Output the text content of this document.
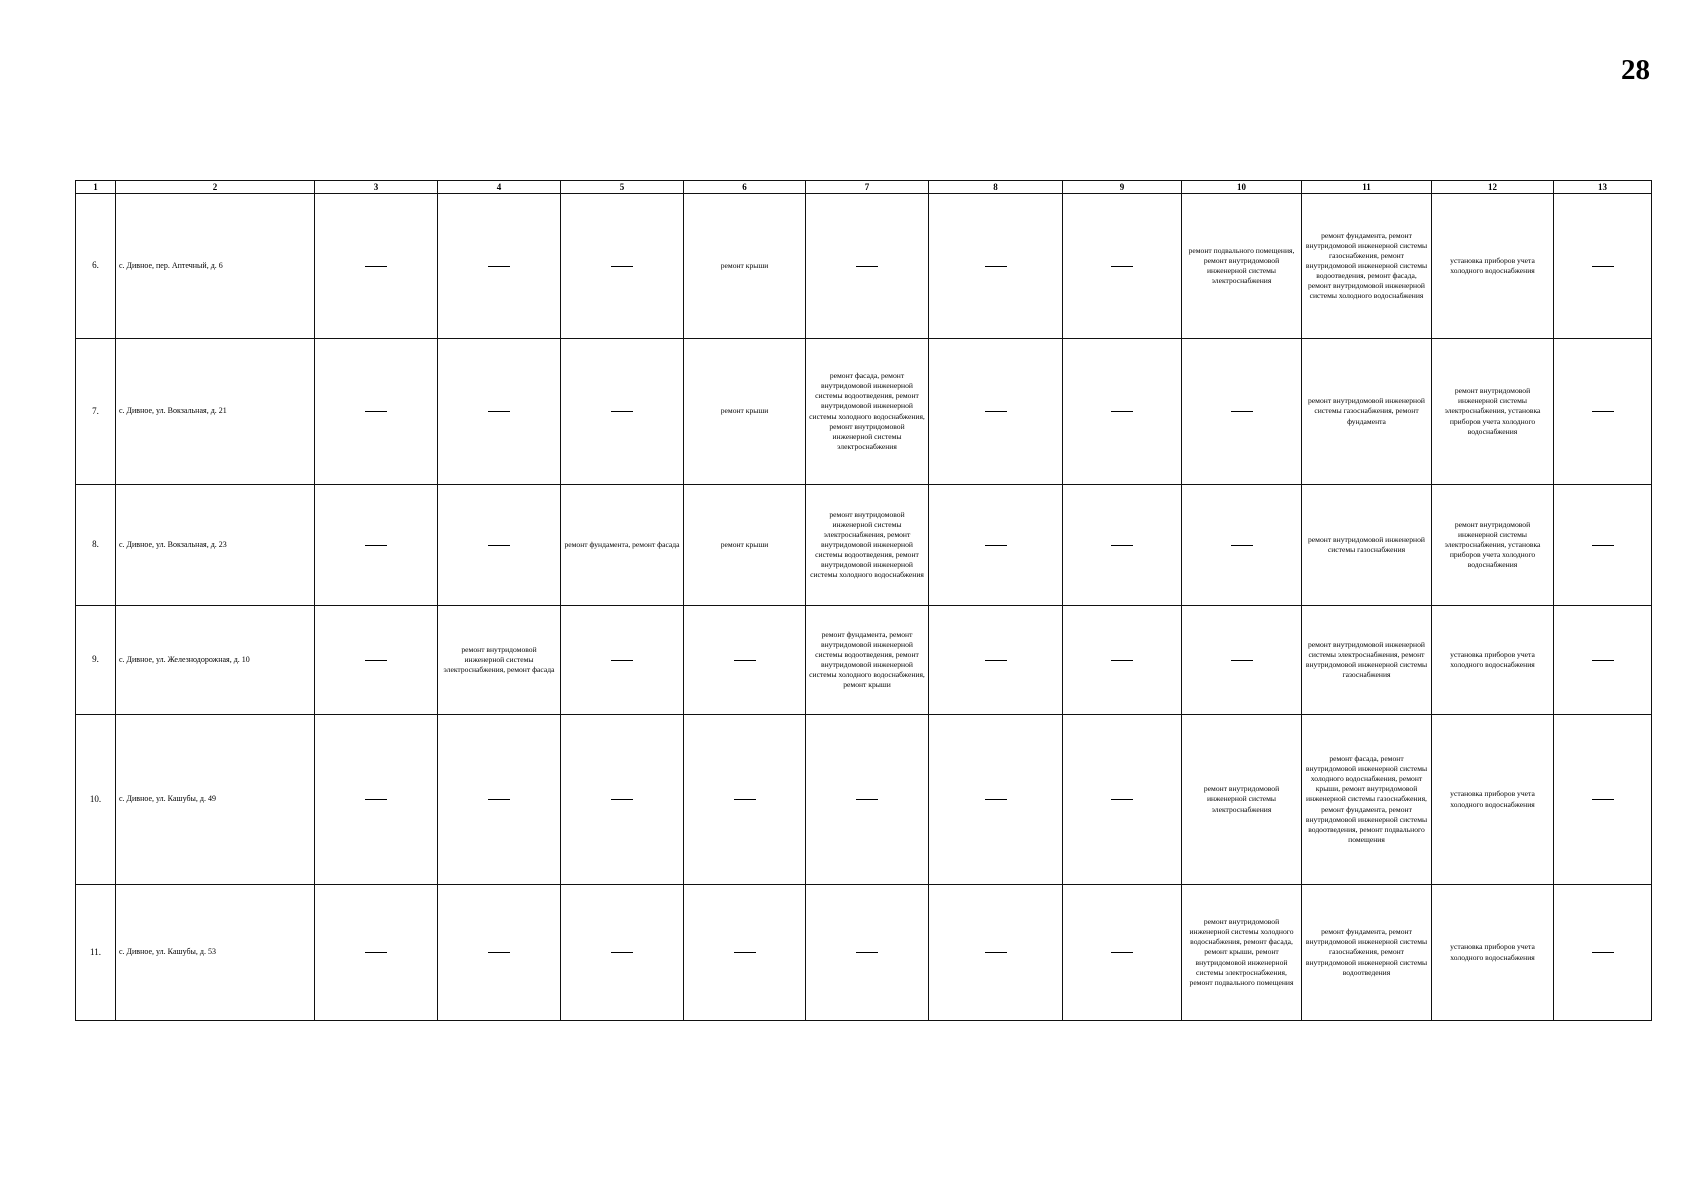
28
1	2	3	4	5	6	7	8	9	10	11	12	13
6.	с. Дивное, пер. Аптечный, д. 6				ремонт крыши				ремонт подвального помещения, ремонт внутридомовой инженерной системы электроснабжения	ремонт фундамента, ремонт внутридомовой инженерной системы газоснабжения, ремонт внутридомовой инженерной системы водоотведения, ремонт фасада, ремонт внутридомовой инженерной системы холодного водоснабжения	установка приборов учета холодного водоснабжения	
7.	с. Дивное, ул. Вокзальная, д. 21				ремонт крыши	ремонт фасада, ремонт внутридомовой инженерной системы водоотведения, ремонт внутридомовой инженерной системы холодного водоснабжения, ремонт внутридомовой инженерной системы электроснабжения				ремонт внутридомовой инженерной системы газоснабжения, ремонт фундамента	ремонт внутридомовой инженерной системы электроснабжения, установка приборов учета холодного водоснабжения	
8.	с. Дивное, ул. Вокзальная, д. 23			ремонт фундамента, ремонт фасада	ремонт крыши	ремонт внутридомовой инженерной системы электроснабжения, ремонт внутридомовой инженерной системы водоотведения, ремонт внутридомовой инженерной системы холодного водоснабжения				ремонт внутридомовой инженерной системы газоснабжения	ремонт внутридомовой инженерной системы электроснабжения, установка приборов учета холодного водоснабжения	
9.	с. Дивное, ул. Железнодорожная, д. 10		ремонт внутридомовой инженерной системы электроснабжения, ремонт фасада			ремонт фундамента, ремонт внутридомовой инженерной системы водоотведения, ремонт внутридомовой инженерной системы холодного водоснабжения, ремонт крыши				ремонт внутридомовой инженерной системы электроснабжения, ремонт внутридомовой инженерной системы газоснабжения	установка приборов учета холодного водоснабжения	
10.	с. Дивное, ул. Кашубы, д. 49								ремонт внутридомовой инженерной системы электроснабжения	ремонт фасада, ремонт внутридомовой инженерной системы холодного водоснабжения, ремонт крыши, ремонт внутридомовой инженерной системы газоснабжения, ремонт фундамента, ремонт внутридомовой инженерной системы водоотведения, ремонт подвального помещения	установка приборов учета холодного водоснабжения	
11.	с. Дивное, ул. Кашубы, д. 53								ремонт внутридомовой инженерной системы холодного водоснабжения, ремонт фасада, ремонт крыши, ремонт внутридомовой инженерной системы электроснабжения, ремонт подвального помещения	ремонт фундамента, ремонт внутридомовой инженерной системы газоснабжения, ремонт внутридомовой инженерной системы водоотведения	установка приборов учета холодного водоснабжения	
